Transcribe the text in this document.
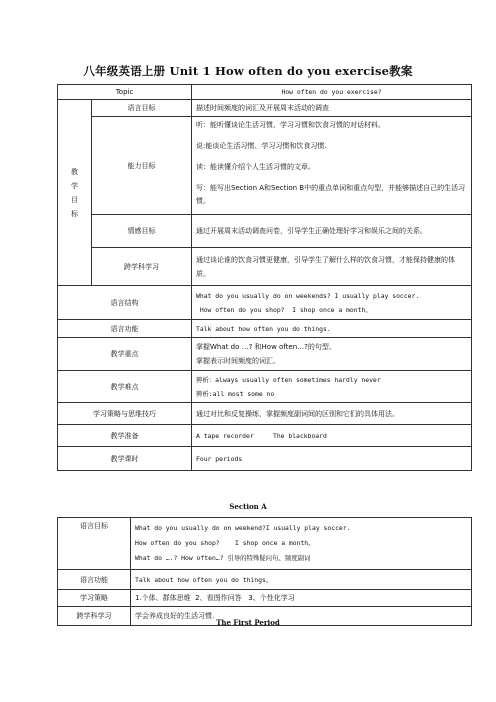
八年级英语上册 Unit 1 How often do you exercise教案
Topic		How often do you exercise?

教
学
目
标	语言目标	描述时间频度的词汇及开展周末活动的调查
	能力目标	听：能听懂谈论生活习惯、学习习惯和饮食习惯的对话材料。
说:能谈论生活习惯、学习习惯和饮食习惯.
读：能读懂介绍个人生活习惯的文章。
写：能写出Section A和Section B中的重点单词和重点句型，并能够描述自己的生活习惯。

	情感目标	通过开展周末活动调查问卷，引导学生正确处理好学习和娱乐之间的关系。
	跨学科学习	通过谈论谁的饮食习惯更健康，引导学生了解什么样的饮食习惯，才能保持健康的体质。
语言结构		What do you usually do on weekends? I usually play soccer.
How often do you shop?  I shop once a month。

语言功能		Talk about how often you do things.
教学重点		掌握What do …? 和How often…?的句型。
掌握表示时间频度的词汇。

教学难点		辨析：always usually often sometimes hardly never
辨析:all most some no

学习策略与思维技巧		通过对比和反复操练，掌握频度副词间的区别和它们的具体用法。
教学准备		A tape recorder     The blackboard
教学课时		Four periods
Section A
语言目标	What do you usually do on weekend?I usually play soccer.
How often do you shop?    I shop once a month。
What do ….? How often…? 引导的特殊疑问句、频度副词

语言功能	Talk about how often you do things。
学习策略	1.个体、群体思维  2、看图作问答   3、个性化学习
跨学科学习	学会养成良好的生活习惯.
The First Period
